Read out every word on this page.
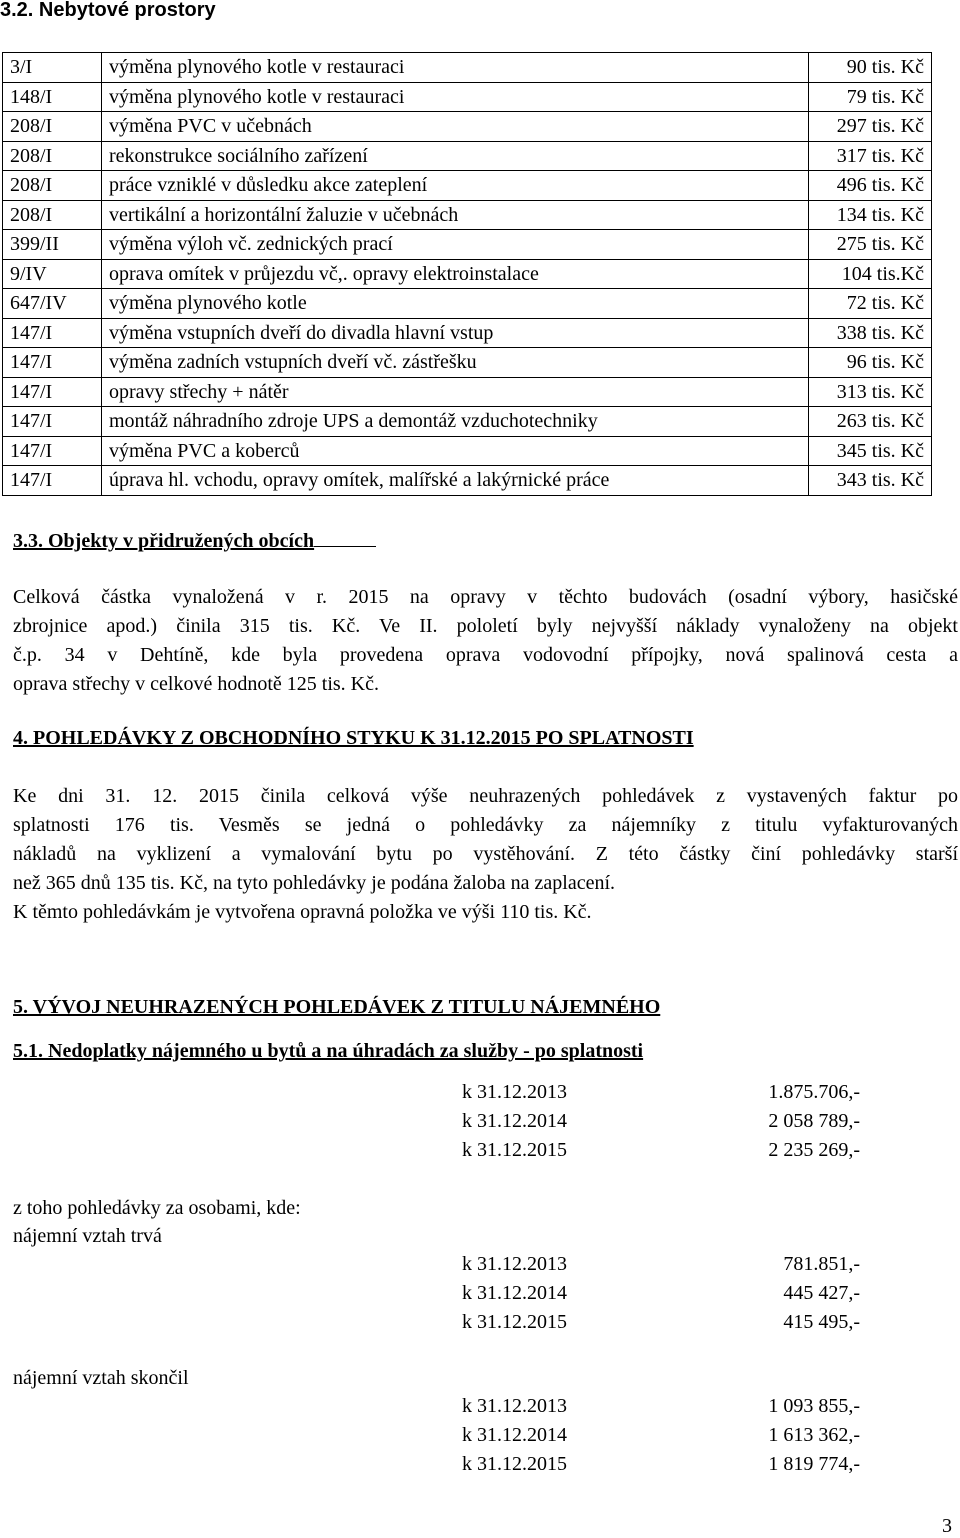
3.2. Nebytové prostory
3/I	výměna plynového kotle v restauraci	90 tis. Kč
148/I	výměna plynového kotle v restauraci	79 tis. Kč
208/I	výměna PVC v učebnách	297 tis. Kč
208/I	rekonstrukce sociálního zařízení	317 tis. Kč
208/I	práce vzniklé v důsledku akce zateplení	496 tis. Kč
208/I	vertikální a horizontální žaluzie v učebnách	134 tis. Kč
399/II	výměna výloh vč. zednických prací	275 tis. Kč
9/IV	oprava omítek v průjezdu vč,. opravy elektroinstalace	104 tis.Kč
647/IV	výměna plynového kotle	72 tis. Kč
147/I	výměna vstupních dveří do divadla hlavní vstup	338 tis. Kč
147/I	výměna zadních vstupních dveří vč. zástřešku	96 tis. Kč
147/I	opravy střechy + nátěr	313 tis. Kč
147/I	montáž náhradního zdroje UPS a demontáž vzduchotechniky	263 tis. Kč
147/I	výměna PVC a koberců	345 tis. Kč
147/I	úprava hl. vchodu, opravy omítek, malířské a lakýrnické práce	343 tis. Kč
3.3. Objekty v přidružených obcích
Celková částka vynaložená v r. 2015 na opravy v těchto budovách (osadní výbory, hasičské
zbrojnice apod.) činila 315 tis. Kč. Ve II. pololetí byly nejvyšší náklady vynaloženy na objekt
č.p. 34 v Dehtíně, kde byla provedena oprava vodovodní přípojky, nová spalinová cesta a
oprava střechy v celkové hodnotě 125 tis. Kč.
4. POHLEDÁVKY Z OBCHODNÍHO STYKU K 31.12.2015 PO SPLATNOSTI
Ke dni 31. 12. 2015 činila celková výše neuhrazených pohledávek z vystavených faktur po
splatnosti 176 tis. Vesměs se jedná o pohledávky za nájemníky z titulu vyfakturovaných
nákladů na vyklizení a vymalování bytu po vystěhování. Z této částky činí pohledávky starší
než 365 dnů 135 tis. Kč, na tyto pohledávky je podána žaloba na zaplacení.
K těmto pohledávkám je vytvořena opravná položka ve výši 110 tis. Kč.
5. VÝVOJ NEUHRAZENÝCH POHLEDÁVEK Z TITULU NÁJEMNÉHO
5.1. Nedoplatky nájemného u bytů a na úhradách za služby - po splatnosti
k 31.12.2013	1.875.706,-
k 31.12.2014	2 058 789,-
k 31.12.2015	2 235 269,-
z toho pohledávky za osobami, kde:
nájemní vztah trvá
k 31.12.2013	781.851,-
k 31.12.2014	445 427,-
k 31.12.2015	415 495,-
nájemní vztah skončil
k 31.12.2013	1 093 855,-
k 31.12.2014	1 613 362,-
k 31.12.2015	1 819 774,-
3
